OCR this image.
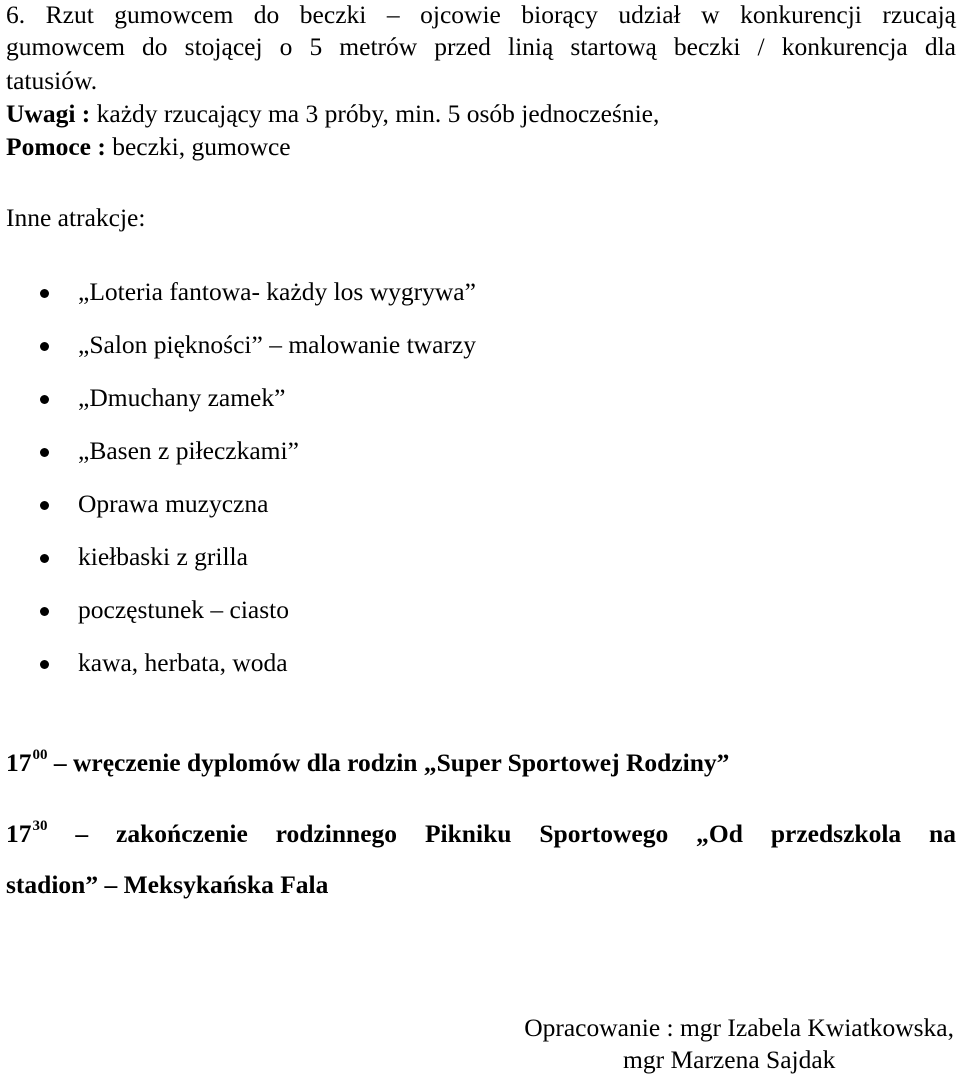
6. Rzut gumowcem do beczki – ojcowie biorący udział w konkurencji rzucają
gumowcem do stojącej o 5 metrów przed linią startową beczki / konkurencja dla
tatusiów.
Uwagi : każdy rzucający ma 3 próby, min. 5 osób jednocześnie,
Pomoce : beczki, gumowce
Inne atrakcje:
„Loteria fantowa- każdy los wygrywa”
„Salon piękności” – malowanie twarzy
„Dmuchany zamek”
„Basen z piłeczkami”
Oprawa muzyczna
kiełbaski z grilla
poczęstunek – ciasto
kawa, herbata, woda
$17^{00}$ – wręczenie dyplomów dla rodzin „Super Sportowej Rodziny”
$17^{30}$ – zakończenie rodzinnego Pikniku Sportowego „Od przedszkola na
stadion” – Meksykańska Fala
Opracowanie : mgr Izabela Kwiatkowska,
mgr Marzena Sajdak
